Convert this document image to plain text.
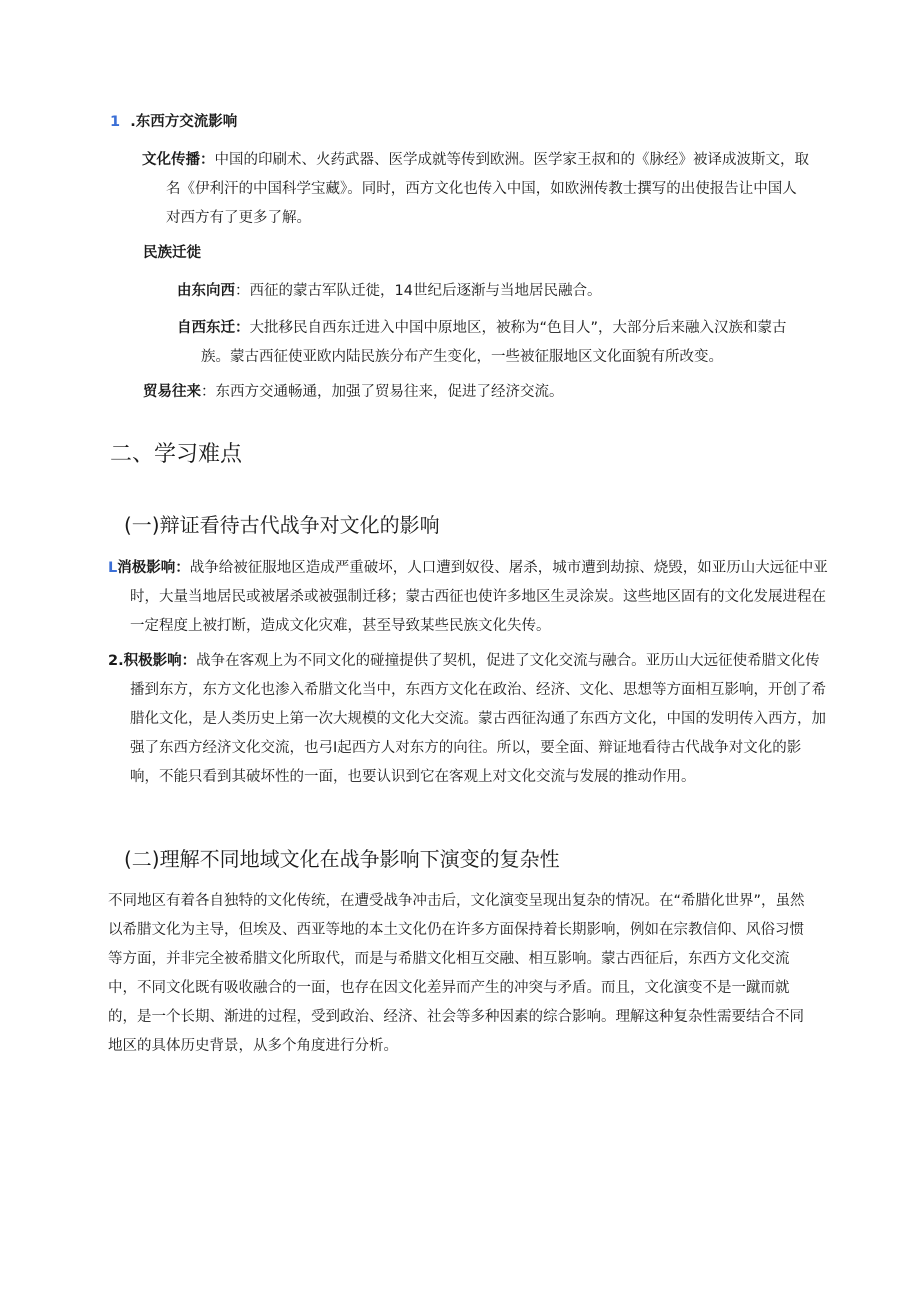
1 .东西方交流影响

文化传播：中国的印刷术、火药武器、医学成就等传到欧洲。医学家王叔和的《脉经》被译成波斯文，取名《伊利汗的中国科学宝藏》。同时，西方文化也传入中国，如欧洲传教士撰写的出使报告让中国人对西方有了更多了解。

民族迁徙

由东向西：西征的蒙古军队迁徙，14世纪后逐渐与当地居民融合。

自西东迁：大批移民自西东迁进入中国中原地区，被称为“色目人”，大部分后来融入汉族和蒙古族。蒙古西征使亚欧内陆民族分布产生变化，一些被征服地区文化面貌有所改变。

贸易往来：东西方交通畅通，加强了贸易往来，促进了经济交流。

二、学习难点
(一)辩证看待古代战争对文化的影响

L消极影响：战争给被征服地区造成严重破坏，人口遭到奴役、屠杀，城市遭到劫掠、烧毁，如亚历山大远征中亚时，大量当地居民或被屠杀或被强制迁移；蒙古西征也使许多地区生灵涂炭。这些地区固有的文化发展进程在一定程度上被打断，造成文化灾难，甚至导致某些民族文化失传。

2.积极影响：战争在客观上为不同文化的碰撞提供了契机，促进了文化交流与融合。亚历山大远征使希腊文化传播到东方，东方文化也渗入希腊文化当中，东西方文化在政治、经济、文化、思想等方面相互影响，开创了希腊化文化，是人类历史上第一次大规模的文化大交流。蒙古西征沟通了东西方文化，中国的发明传入西方，加强了东西方经济文化交流，也弓I起西方人对东方的向往。所以，要全面、辩证地看待古代战争对文化的影响，不能只看到其破坏性的一面，也要认识到它在客观上对文化交流与发展的推动作用。

(二)理解不同地域文化在战争影响下演变的复杂性

不同地区有着各自独特的文化传统，在遭受战争冲击后，文化演变呈现出复杂的情况。在“希腊化世界”，虽然以希腊文化为主导，但埃及、西亚等地的本土文化仍在许多方面保持着长期影响，例如在宗教信仰、风俗习惯等方面，并非完全被希腊文化所取代，而是与希腊文化相互交融、相互影响。蒙古西征后，东西方文化交流中，不同文化既有吸收融合的一面，也存在因文化差异而产生的冲突与矛盾。而且，文化演变不是一蹴而就的，是一个长期、渐进的过程，受到政治、经济、社会等多种因素的综合影响。理解这种复杂性需要结合不同地区的具体历史背景，从多个角度进行分析。
